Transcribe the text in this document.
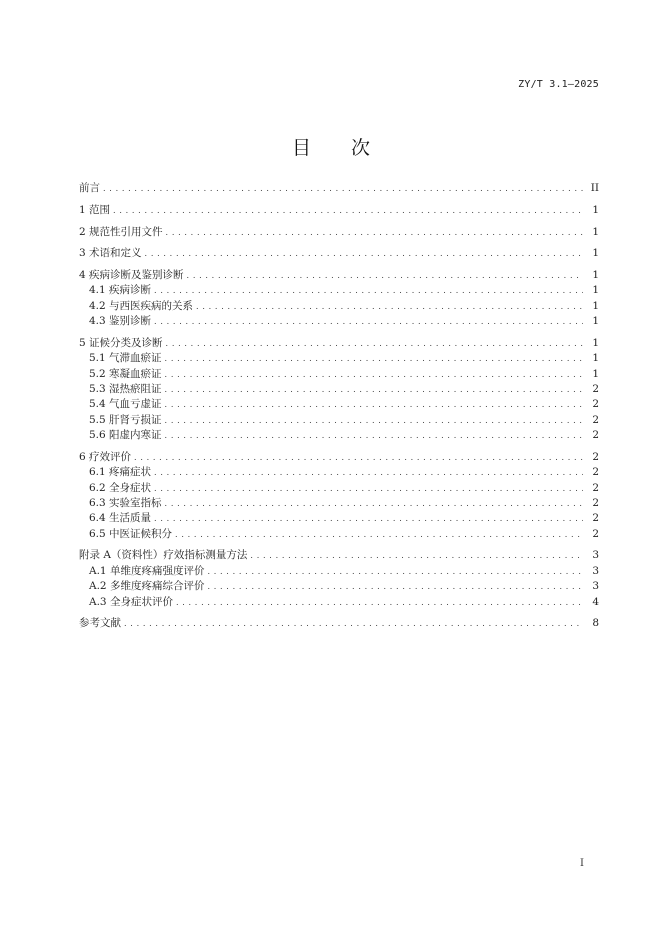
ZY/T 3.1—2025
目 次
前言 . . .	II
1 范围 . . .	1
2 规范性引用文件 . . .	1
3 术语和定义 . . .	1
4 疾病诊断及鉴别诊断 . . .	1
4.1 疾病诊断 . . .	1
4.2 与西医疾病的关系 . . .	1
4.3 鉴别诊断 . . .	1
5 证候分类及诊断 . . .	1
5.1 气滞血瘀证 . . .	1
5.2 寒凝血瘀证 . . .	1
5.3 湿热瘀阻证 . . .	2
5.4 气血亏虚证 . . .	2
5.5 肝肾亏损证 . . .	2
5.6 阳虚内寒证 . . .	2
6 疗效评价 . . .	2
6.1 疼痛症状 . . .	2
6.2 全身症状 . . .	2
6.3 实验室指标 . . .	2
6.4 生活质量 . . .	2
6.5 中医证候积分 . . .	2
附录 A（资料性）疗效指标测量方法 . . .	3
A.1 单维度疼痛强度评价 . . .	3
A.2 多维度疼痛综合评价 . . .	3
A.3 全身症状评价 . . .	4
参考文献 . . .	8
I
